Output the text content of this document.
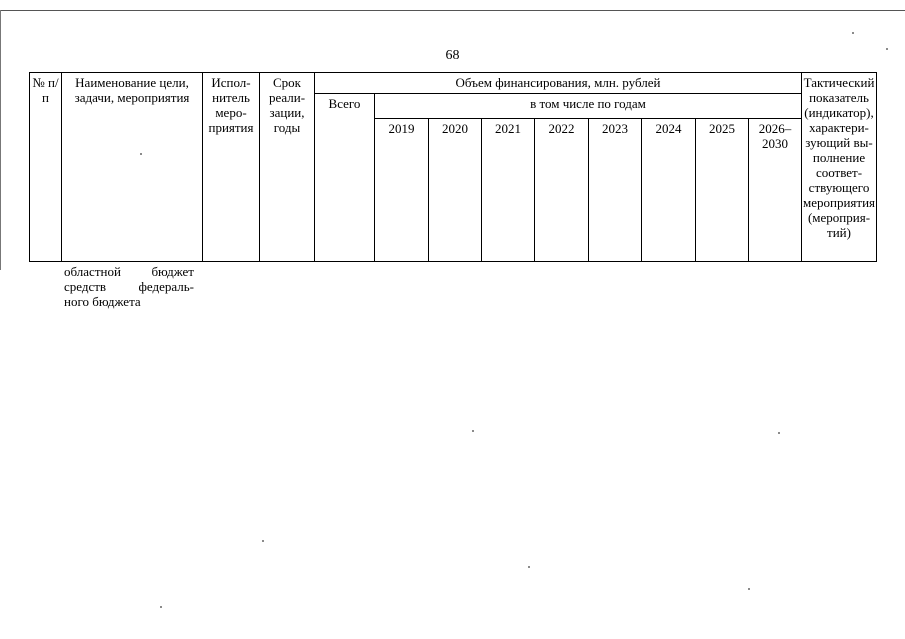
68
№ п/п	Наименование цели, задачи, мероприятия	Испол-нитель меро-приятия	Срок реали-зации, годы	Объем финансирования, млн. рублей									Тактический показатель (индикатор), характери-зующий вы-полнение соответ-ствующего мероприятия (мероприя-тий)
				Всего	в том числе по годам								
					2019	2020	2021	2022	2023	2024	2025	2026–2030	
областной бюджет
средств федераль-
ного бюджета
